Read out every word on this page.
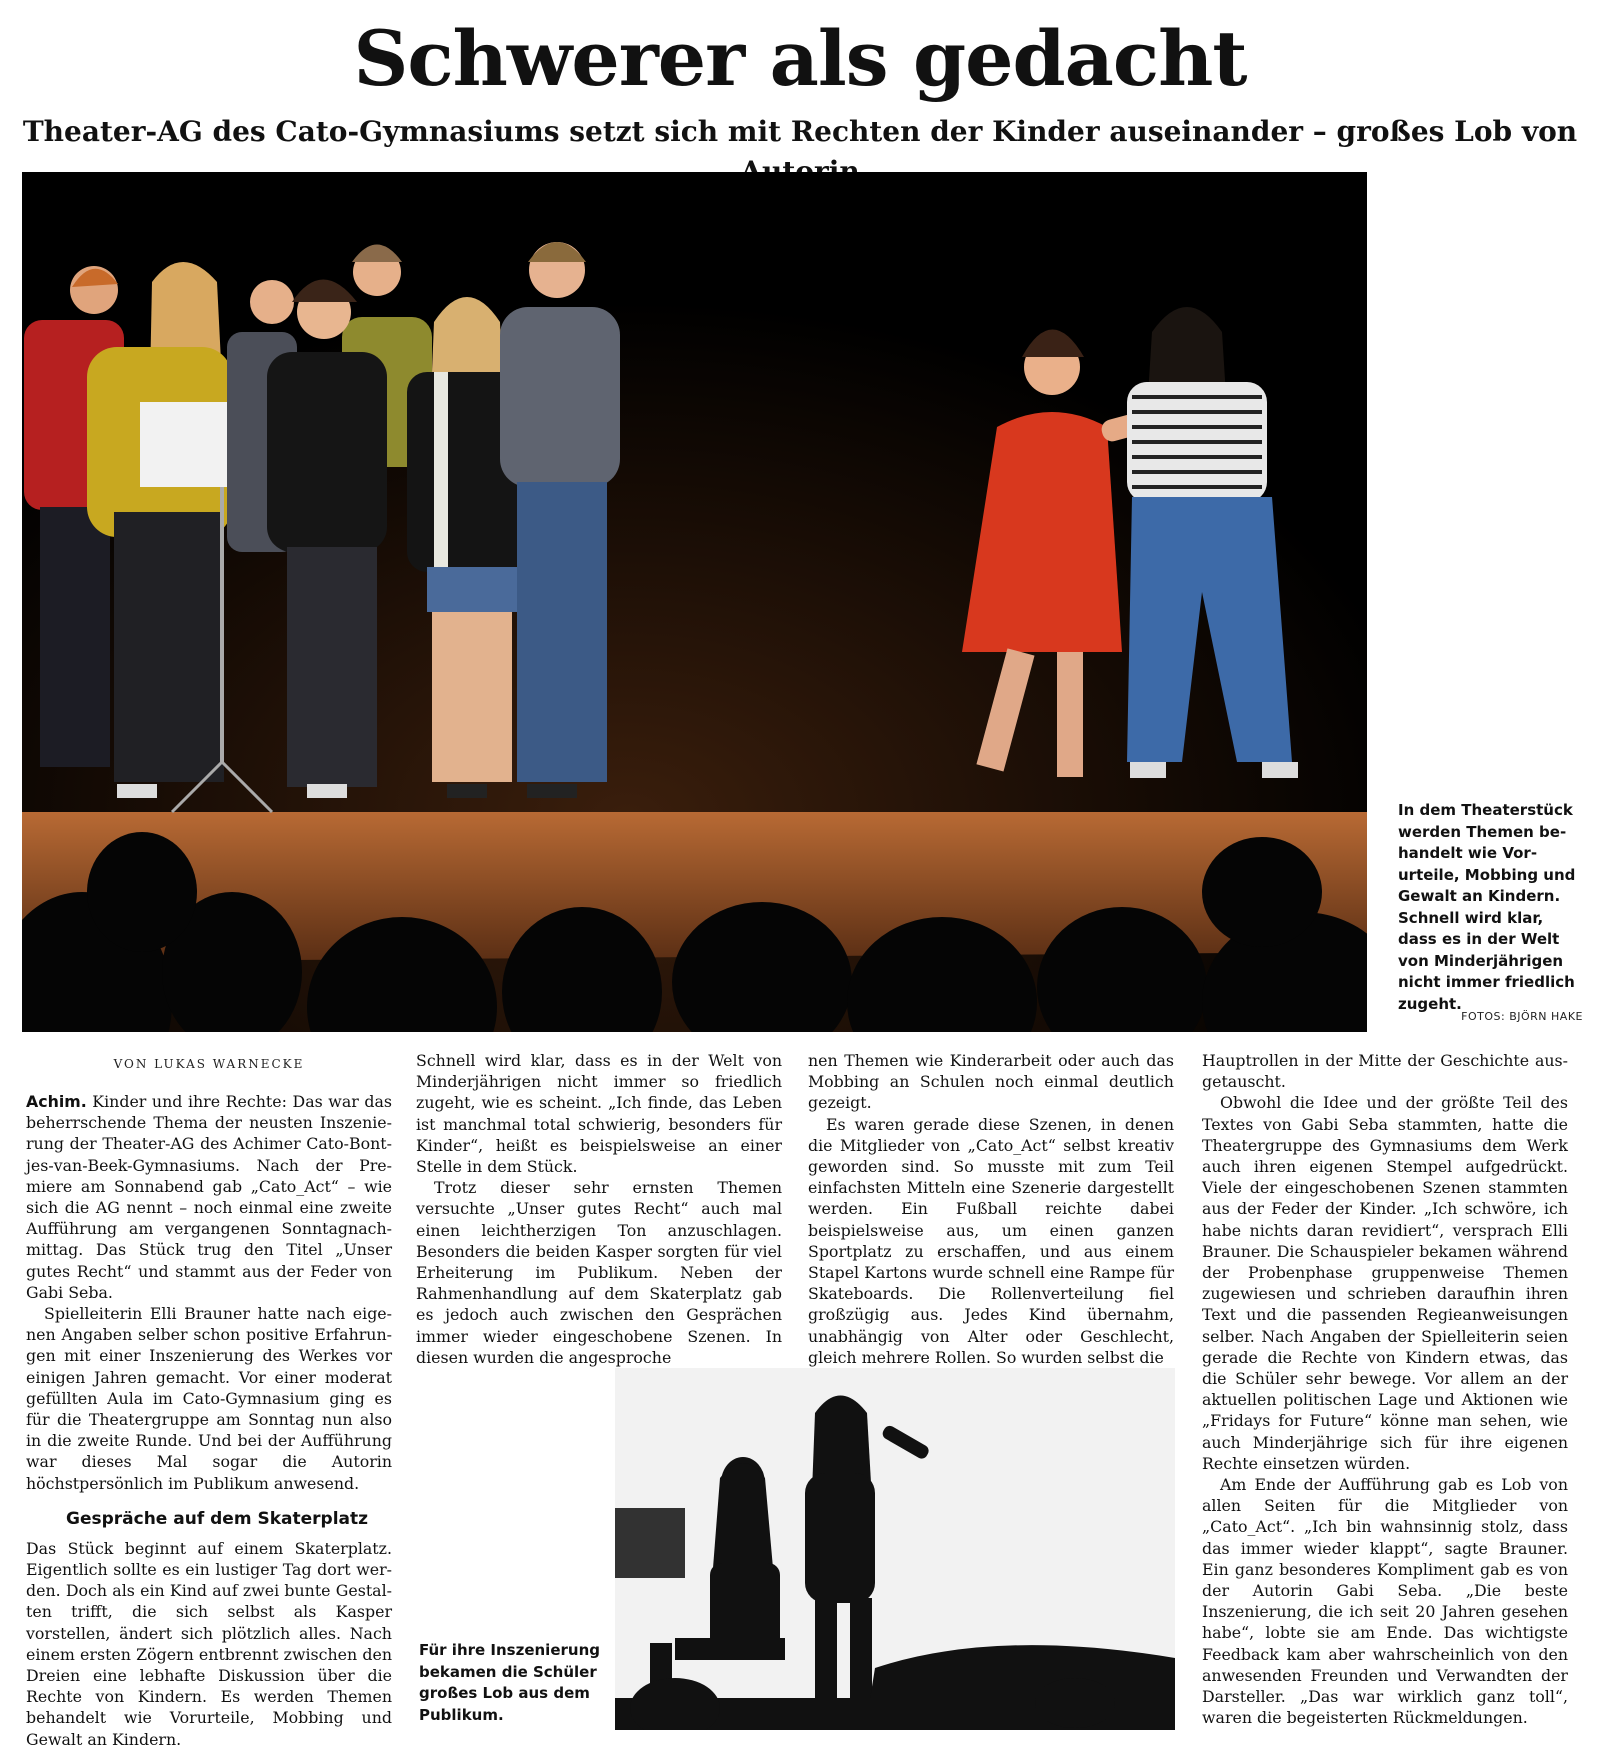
Schwerer als gedacht
Theater-AG des Cato-Gymnasiums setzt sich mit Rechten der Kinder auseinander – großes Lob von

In dem Theaterstück werden Themen behandelt wie Vorurteile, Mobbing und Gewalt an Kindern. Schnell wird klar, dass es in der Welt von Minderjährigen nicht immer friedlich zugeht.

FOTOS: BJÖRN HAKE
VON LUKAS WARNECKE

Achim. Kinder und ihre Rechte: Das war das beherrschende Thema der neusten Inszenierung der Theater-AG des Achimer Cato-Bontjes-van-Beek-Gymnasiums. Nach der Premiere am Sonnabend gab „Cato_Act“ – wie sich die AG nennt – noch einmal eine zweite Aufführung am vergangenen Sonntagnachmittag. Das Stück trug den Titel „Unser gutes Recht“ und stammt aus der Feder von Gabi Seba.

Spielleiterin Elli Brauner hatte nach eigenen Angaben selber schon positive Erfahrungen mit einer Inszenierung des Werkes vor einigen Jahren gemacht. Vor einer moderat gefüllten Aula im Cato-Gymnasium ging es für die Theatergruppe am Sonntag nun also in die zweite Runde. Und bei der Aufführung war dieses Mal sogar die Autorin höchstpersönlich im Publikum anwesend.

Gespräche auf dem Skaterplatz

Das Stück beginnt auf einem Skaterplatz. Eigentlich sollte es ein lustiger Tag dort werden. Doch als ein Kind auf zwei bunte Gestalten trifft, die sich selbst als Kasper vorstellen, ändert sich plötzlich alles. Nach einem ersten Zögern entbrennt zwischen den Dreien eine lebhafte Diskussion über die Rechte von Kindern. Es werden Themen behandelt wie Vorurteile, Mobbing und Gewalt an Kindern.

Schnell wird klar, dass es in der Welt von Minderjährigen nicht immer so friedlich zugeht, wie es scheint. „Ich finde, das Leben ist manchmal total schwierig, besonders für Kinder“, heißt es beispielsweise an einer Stelle in dem Stück.

Trotz dieser sehr ernsten Themen versuchte „Unser gutes Recht“ auch mal einen leichtherzigen Ton anzuschlagen. Besonders die beiden Kasper sorgten für viel Erheiterung im Publikum. Neben der Rahmenhandlung auf dem Skaterplatz gab es jedoch auch zwischen den Gesprächen immer wieder eingeschobene Szenen. In diesen wurden die angesproche

nen Themen wie Kinderarbeit oder auch das Mobbing an Schulen noch einmal deutlich gezeigt.

Es waren gerade diese Szenen, in denen die Mitglieder von „Cato_Act“ selbst kreativ geworden sind. So musste mit zum Teil einfachsten Mitteln eine Szenerie dargestellt werden. Ein Fußball reichte dabei beispielsweise aus, um einen ganzen Sportplatz zu erschaffen, und aus einem Stapel Kartons wurde schnell eine Rampe für Skateboards. Die Rollenverteilung fiel großzügig aus. Jedes Kind übernahm, unabhängig von Alter oder Geschlecht, gleich mehrere Rollen. So wurden selbst die

Hauptrollen in der Mitte der Geschichte ausgetauscht.

Obwohl die Idee und der größte Teil des Textes von Gabi Seba stammten, hatte die Theatergruppe des Gymnasiums dem Werk auch ihren eigenen Stempel aufgedrückt. Viele der eingeschobenen Szenen stammten aus der Feder der Kinder. „Ich schwöre, ich habe nichts daran revidiert“, versprach Elli Brauner. Die Schauspieler bekamen während der Probenphase gruppenweise Themen zugewiesen und schrieben daraufhin ihren Text und die passenden Regieanweisungen selber. Nach Angaben der Spielleiterin seien gerade die Rechte von Kindern etwas, das die Schüler sehr bewege. Vor allem an der aktuellen politischen Lage und Aktionen wie „Fridays for Future“ könne man sehen, wie auch Minderjährige sich für ihre eigenen Rechte einsetzen würden.

Am Ende der Aufführung gab es Lob von allen Seiten für die Mitglieder von „Cato_Act“. „Ich bin wahnsinnig stolz, dass das immer wieder klappt“, sagte Brauner. Ein ganz besonderes Kompliment gab es von der Autorin Gabi Seba. „Die beste Inszenierung, die ich seit 20 Jahren gesehen habe“, lobte sie am Ende. Das wichtigste Feedback kam aber wahrscheinlich von den anwesenden Freunden und Verwandten der Darsteller. „Das war wirklich ganz toll“, waren die begeisterten Rückmeldungen.

Für ihre Inszenierung bekamen die Schüler großes Lob aus dem Publikum.
